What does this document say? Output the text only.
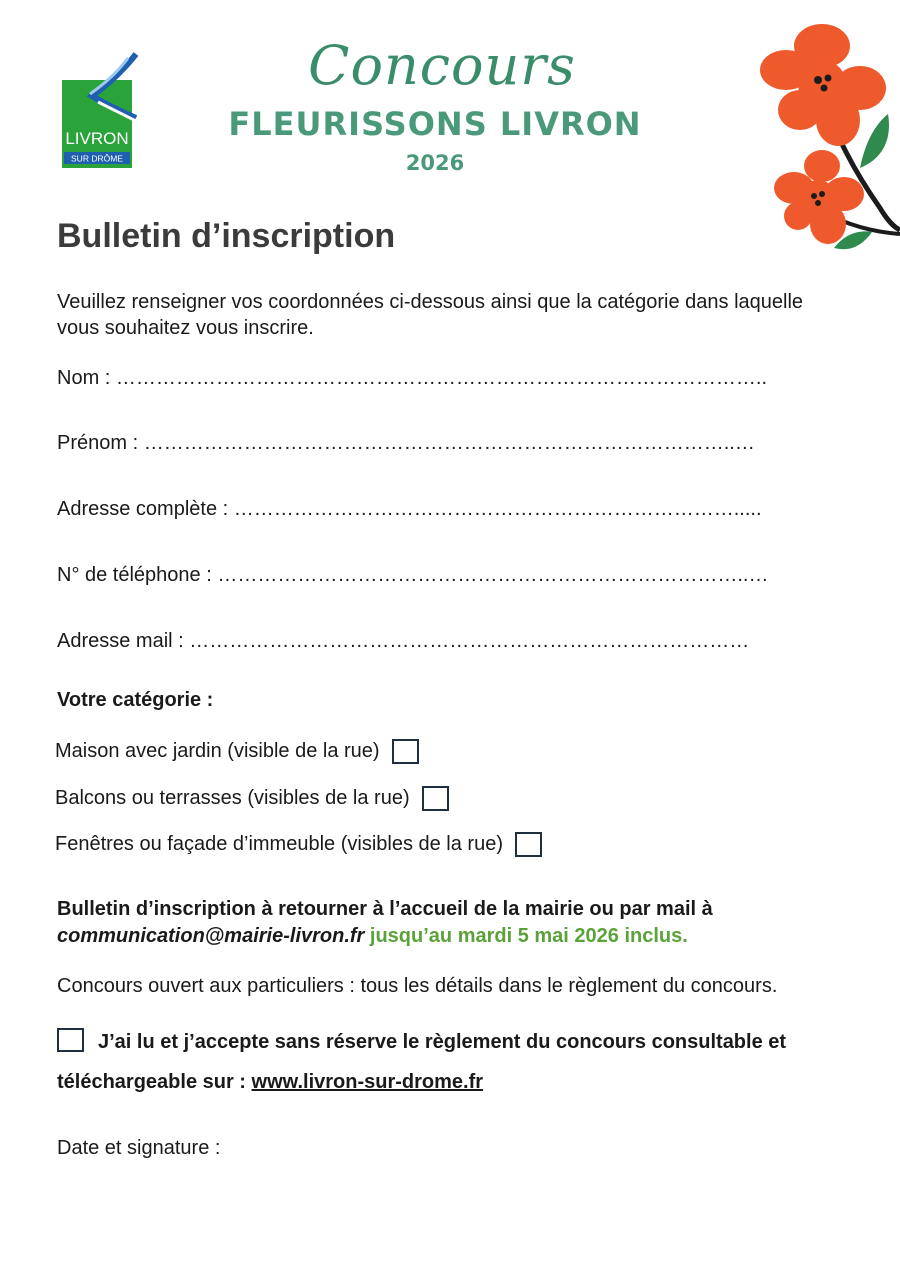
LIVRON
SUR DRÔME
Concours
FLEURISSONS LIVRON
2026
Bulletin d’inscription
Veuillez renseigner vos coordonnées ci-dessous ainsi que la catégorie dans laquelle vous souhaitez vous inscrire.
Nom : ……………………………………………………………………………………..
Prénom : ……………………………………………………………………………..…
Adresse complète : ………………………………………………………………….....
N° de téléphone : ……………………………………………………………………..…
Adresse mail : …………………………………………………………………………
Votre catégorie :
Maison avec jardin (visible de la rue)
Balcons ou terrasses (visibles de la rue)
Fenêtres ou façade d’immeuble (visibles de la rue)
Bulletin d’inscription à retourner à l’accueil de la mairie ou par mail à
communication@mairie-livron.fr jusqu’au mardi 5 mai 2026 inclus.
Concours ouvert aux particuliers : tous les détails dans le règlement du concours.
J’ai lu et j’accepte sans réserve le règlement du concours consultable et téléchargeable sur : www.livron-sur-drome.fr
Date et signature :
